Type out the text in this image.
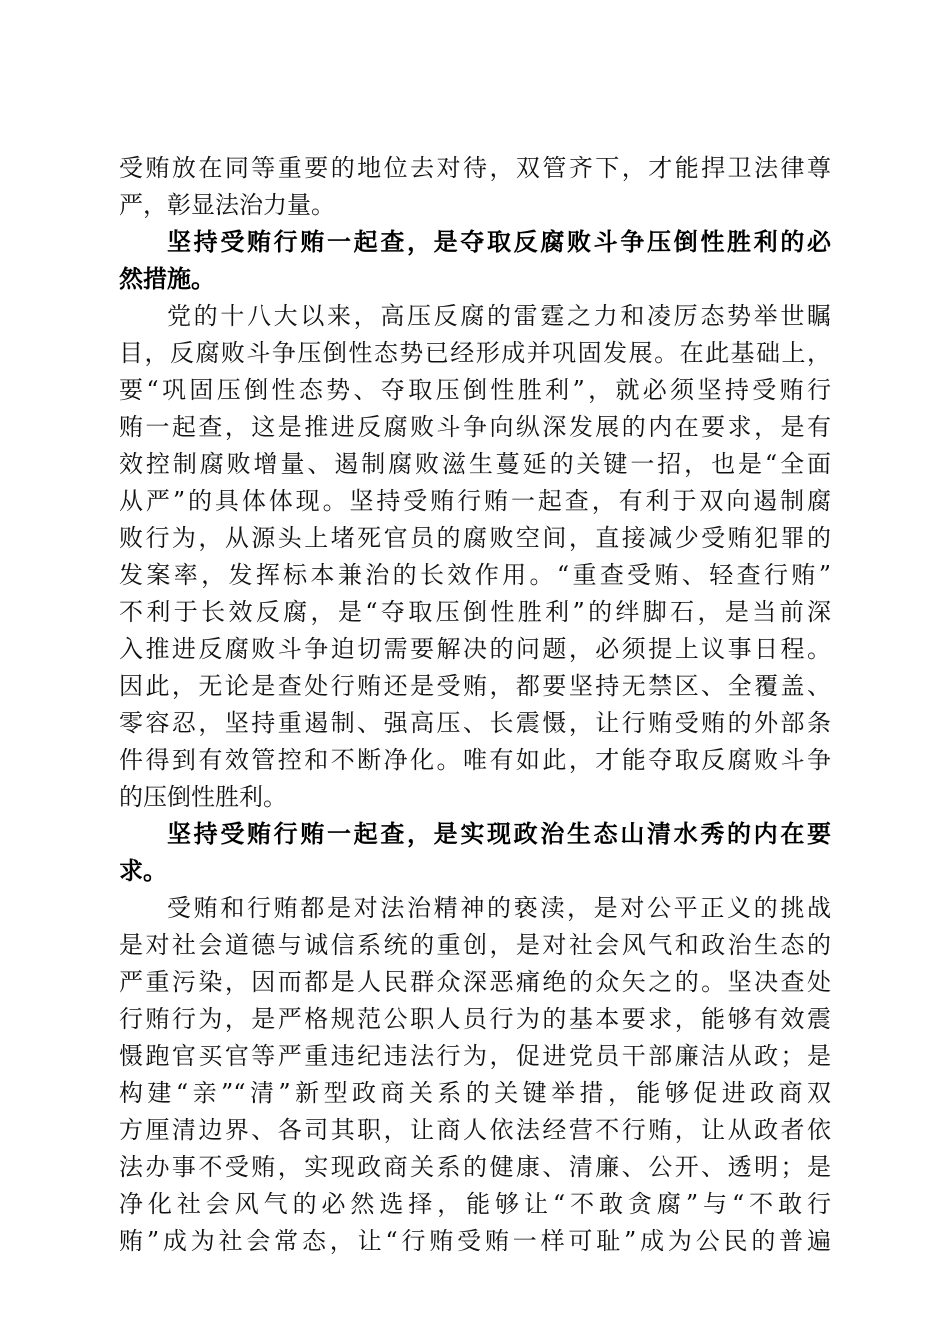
受贿放在同等重要的地位去对待，双管齐下，才能捍卫法律尊
严，彰显法治力量。
坚持受贿行贿一起查，是夺取反腐败斗争压倒性胜利的必
然措施。
党的十八大以来，高压反腐的雷霆之力和凌厉态势举世瞩
目，反腐败斗争压倒性态势已经形成并巩固发展。在此基础上，
要“巩固压倒性态势、夺取压倒性胜利”，就必须坚持受贿行
贿一起查，这是推进反腐败斗争向纵深发展的内在要求，是有
效控制腐败增量、遏制腐败滋生蔓延的关键一招，也是“全面
从严”的具体体现。坚持受贿行贿一起查，有利于双向遏制腐
败行为，从源头上堵死官员的腐败空间，直接减少受贿犯罪的
发案率，发挥标本兼治的长效作用。“重查受贿、轻查行贿”
不利于长效反腐，是“夺取压倒性胜利”的绊脚石，是当前深
入推进反腐败斗争迫切需要解决的问题，必须提上议事日程。
因此，无论是查处行贿还是受贿，都要坚持无禁区、全覆盖、
零容忍，坚持重遏制、强高压、长震慑，让行贿受贿的外部条
件得到有效管控和不断净化。唯有如此，才能夺取反腐败斗争
的压倒性胜利。
坚持受贿行贿一起查，是实现政治生态山清水秀的内在要
求。
受贿和行贿都是对法治精神的亵渎，是对公平正义的挑战
是对社会道德与诚信系统的重创，是对社会风气和政治生态的
严重污染，因而都是人民群众深恶痛绝的众矢之的。坚决查处
行贿行为，是严格规范公职人员行为的基本要求，能够有效震
慑跑官买官等严重违纪违法行为，促进党员干部廉洁从政；是
构建“亲”“清”新型政商关系的关键举措，能够促进政商双
方厘清边界、各司其职，让商人依法经营不行贿，让从政者依
法办事不受贿，实现政商关系的健康、清廉、公开、透明；是
净化社会风气的必然选择，能够让“不敢贪腐”与“不敢行
贿”成为社会常态，让“行贿受贿一样可耻”成为公民的普遍
